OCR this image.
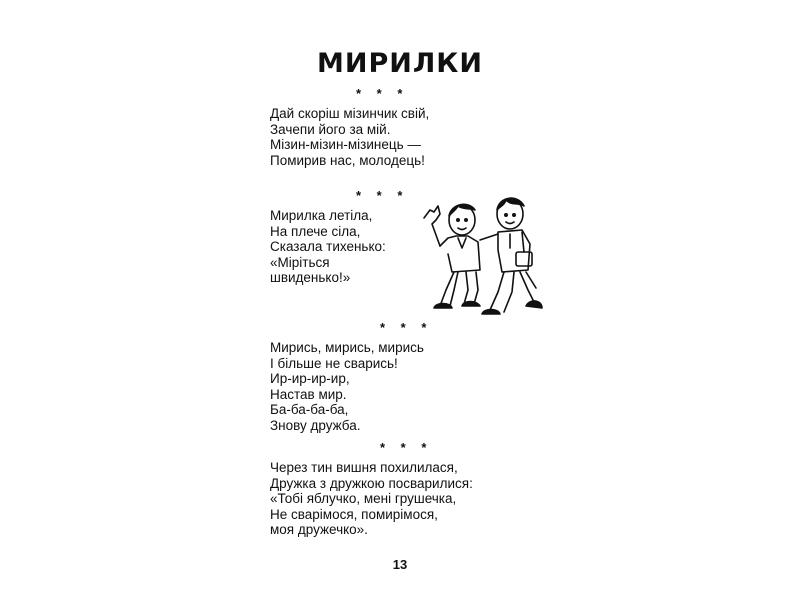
МИРИЛКИ
* * *
Дай скоріш мізинчик свій,
Зачепи його за мій.
Мізин-мізин-мізинець —
Помирив нас, молодець!
* * *
Мирилка летіла,
На плече сіла,
Сказала тихенько:
«Міріться
швиденько!»
* * *
Мирись, мирись, мирись
І більше не сварись!
Ир-ир-ир-ир,
Настав мир.
Ба-ба-ба-ба,
Знову дружба.
* * *
Через тин вишня похилилася,
Дружка з дружкою посварилися:
«Тобі яблучко, мені грушечка,
Не сварімося, помирімося,
моя дружечко».
13
